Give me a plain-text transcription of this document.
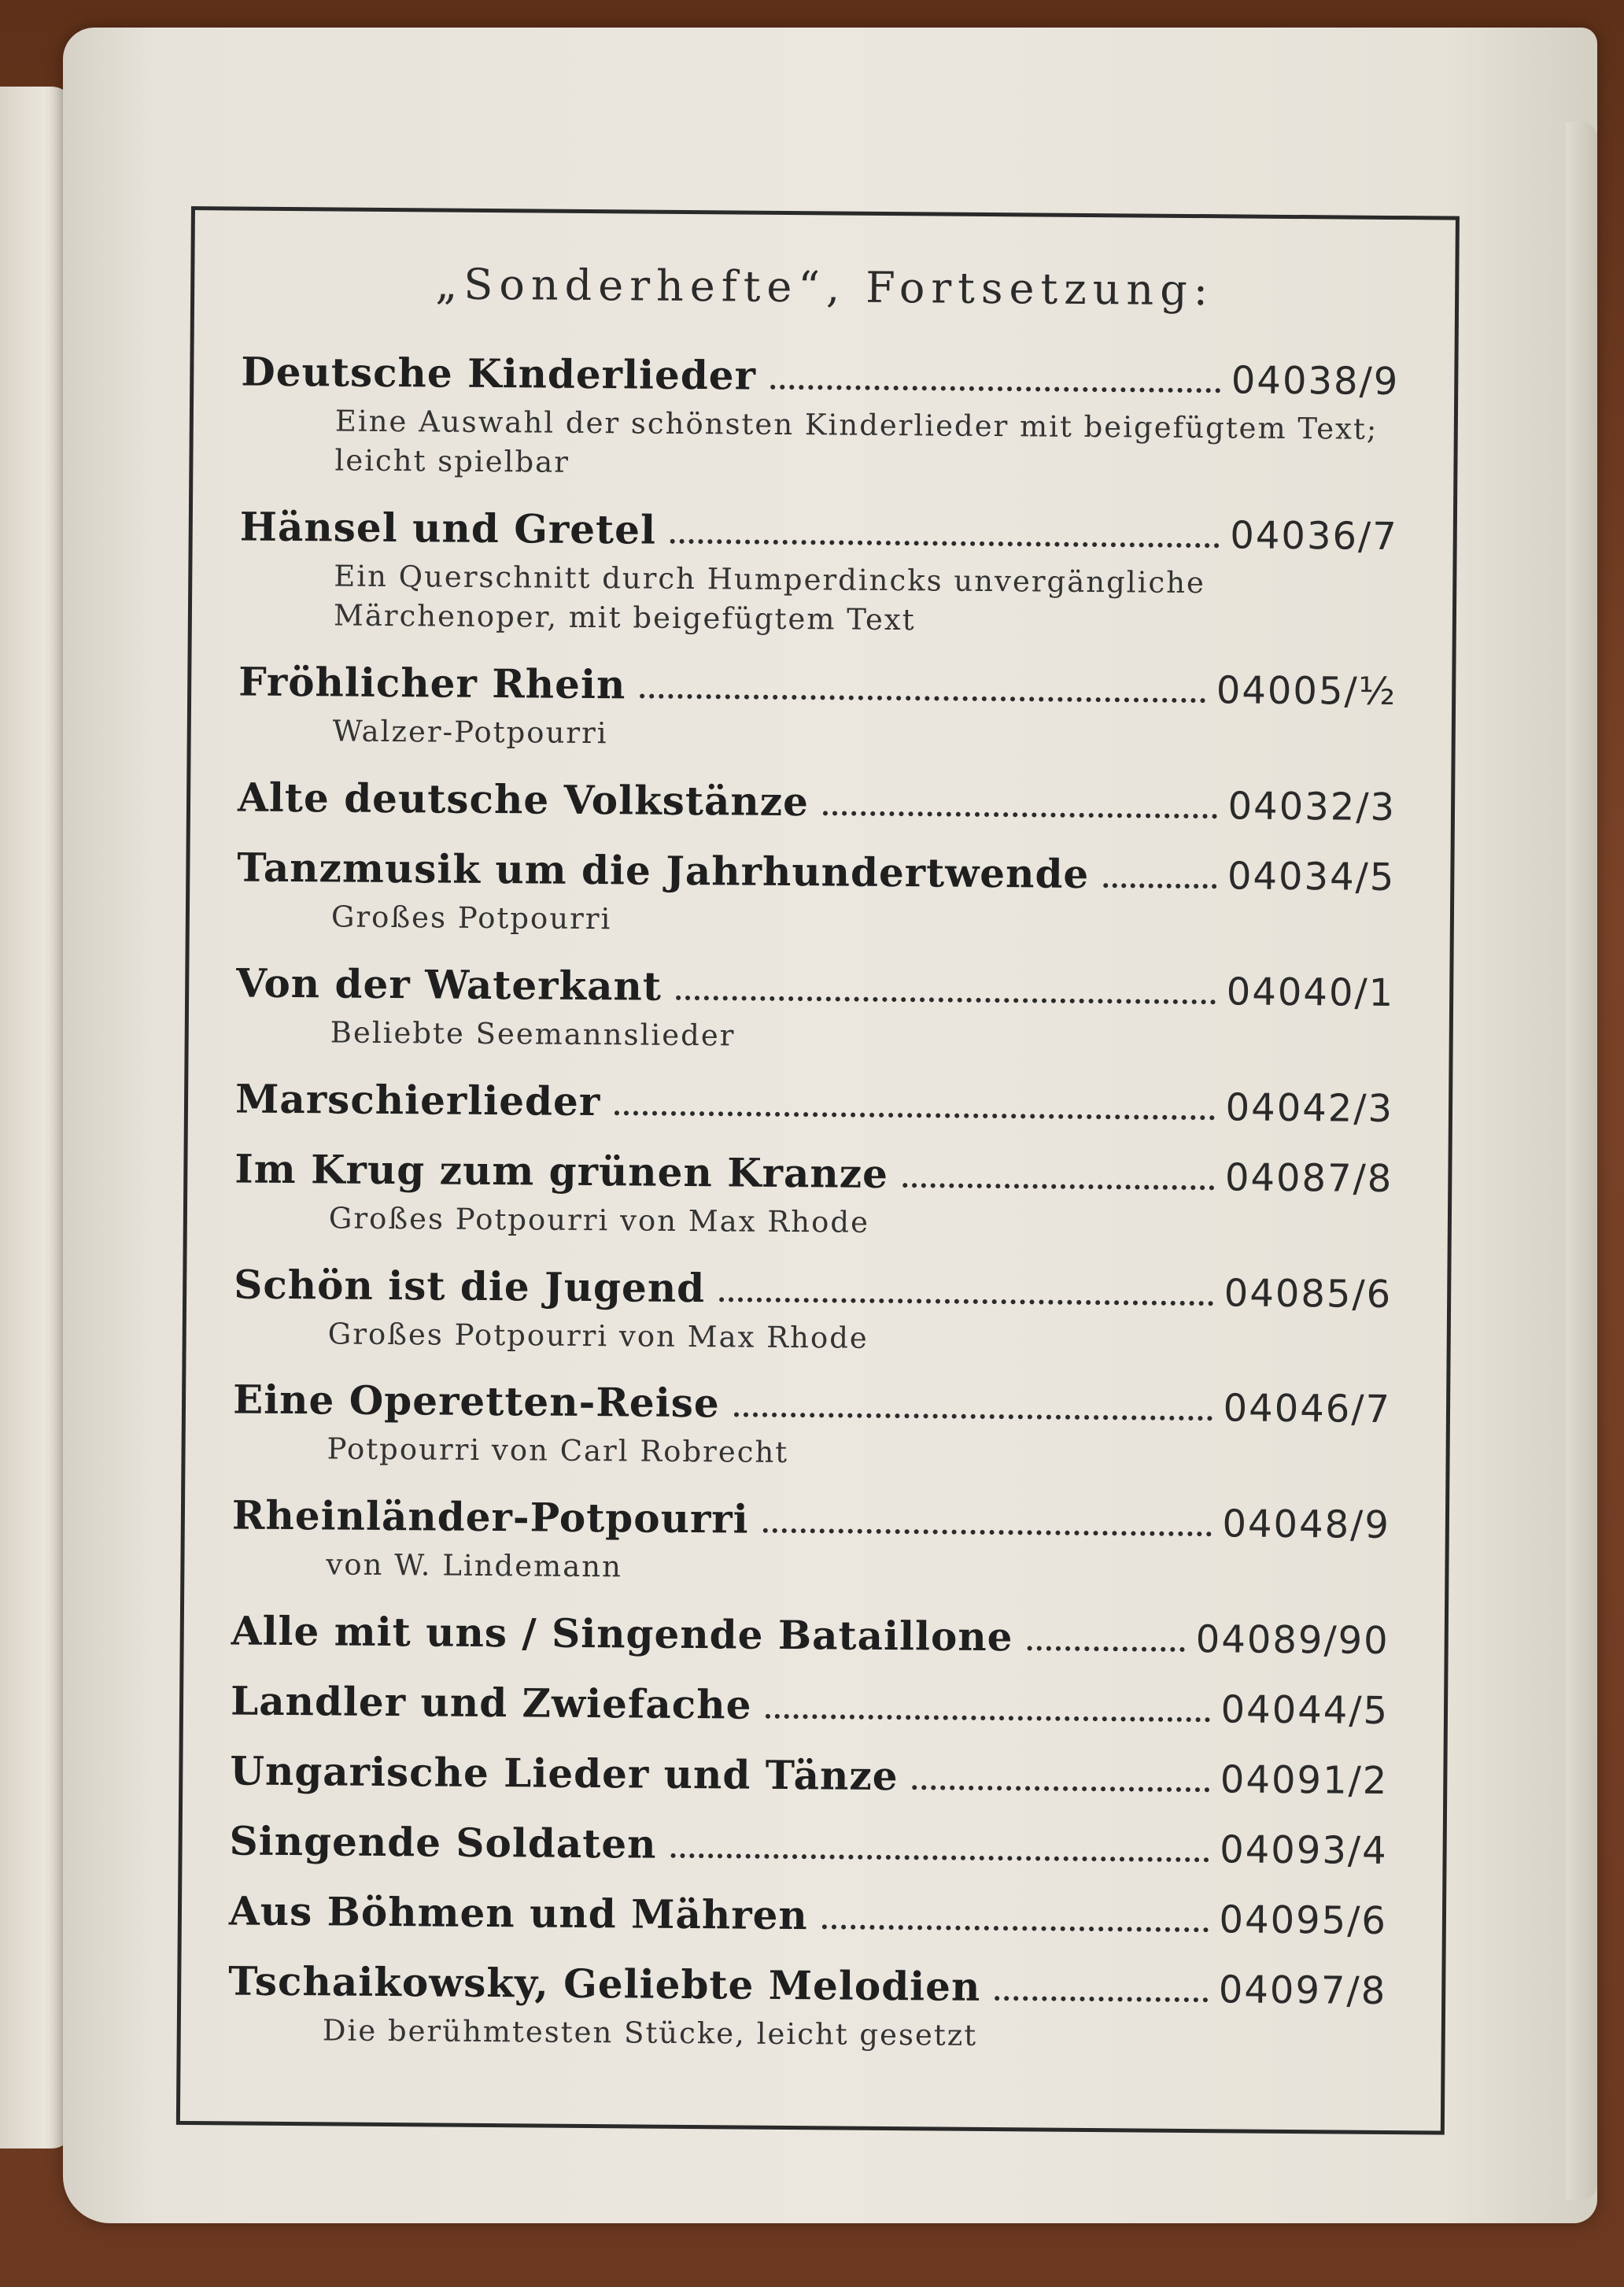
„Sonderhefte“, Fortsetzung:
Deutsche Kinderlieder	04038/9
Eine Auswahl der schönsten Kinderlieder mit beigefügtem Text; leicht spielbar
Hänsel und Gretel	04036/7
Ein Querschnitt durch Humperdincks unvergängliche Märchenoper, mit beigefügtem Text
Fröhlicher Rhein	04005/½
Walzer-Potpourri
Alte deutsche Volkstänze	04032/3
Tanzmusik um die Jahrhundertwende	04034/5
Großes Potpourri
Von der Waterkant	04040/1
Beliebte Seemannslieder
Marschierlieder	04042/3
Im Krug zum grünen Kranze	04087/8
Großes Potpourri von Max Rhode
Schön ist die Jugend	04085/6
Großes Potpourri von Max Rhode
Eine Operetten-Reise	04046/7
Potpourri von Carl Robrecht
Rheinländer-Potpourri	04048/9
von W. Lindemann
Alle mit uns / Singende Bataillone	04089/90
Landler und Zwiefache	04044/5
Ungarische Lieder und Tänze	04091/2
Singende Soldaten	04093/4
Aus Böhmen und Mähren	04095/6
Tschaikowsky, Geliebte Melodien	04097/8
Die berühmtesten Stücke, leicht gesetzt
